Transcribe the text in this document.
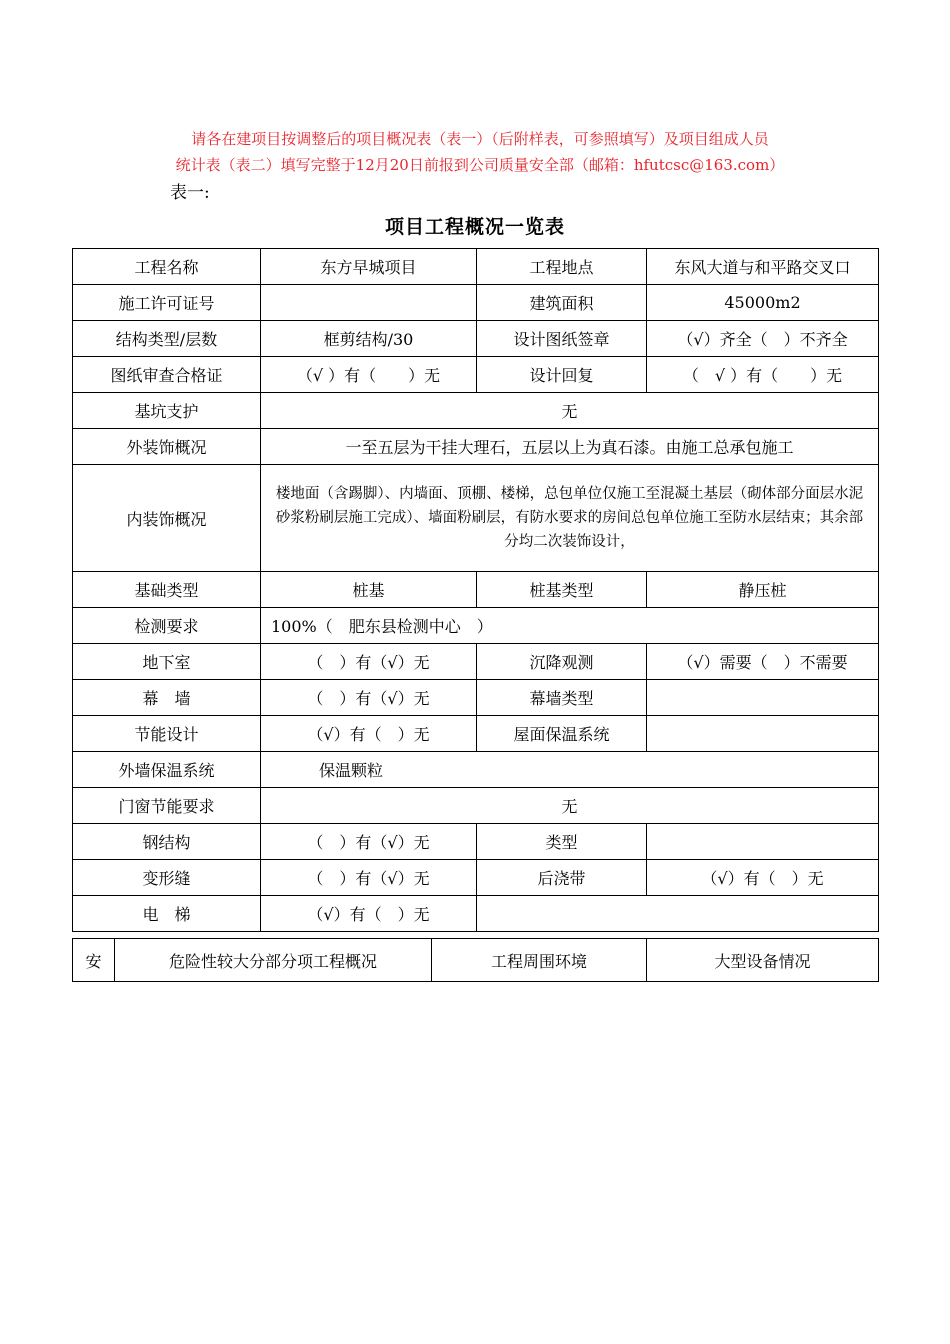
请各在建项目按调整后的项目概况表（表一）（后附样表，可参照填写）及项目组成人员
统计表（表二）填写完整于12月20日前报到公司质量安全部（邮箱：hfutcsc@163.com）
表一:
项目工程概况一览表
工程名称	东方早城项目	工程地点	东风大道与和平路交叉口
施工许可证号		建筑面积	45000m2
结构类型/层数	框剪结构/30	设计图纸签章	（√）齐全（　）不齐全
图纸审查合格证	（√ ）有（　　）无	设计回复	（　√ ）有（　　）无
基坑支护	无		
外装饰概况	一至五层为干挂大理石，五层以上为真石漆。由施工总承包施工		
内装饰概况	楼地面（含踢脚）、内墙面、顶棚、楼梯，总包单位仅施工至混凝土基层（砌体部分面层水泥砂浆粉刷层施工完成）、墙面粉刷层，有防水要求的房间总包单位施工至防水层结束；其余部分均二次装饰设计，		
基础类型	桩基	桩基类型	静压桩
检测要求	100%（　肥东县检测中心　）		
地下室	（　）有（√）无	沉降观测	（√）需要（　）不需要
幕　墙	（　）有（√）无	幕墙类型	
节能设计	（√）有（　）无	屋面保温系统	
外墙保温系统	保温颗粒		
门窗节能要求	无		
钢结构	（　）有（√）无	类型	
变形缝	（　）有（√）无	后浇带	（√）有（　）无
电　梯	（√）有（　）无		
安	危险性较大分部分项工程概况	工程周围环境	大型设备情况
